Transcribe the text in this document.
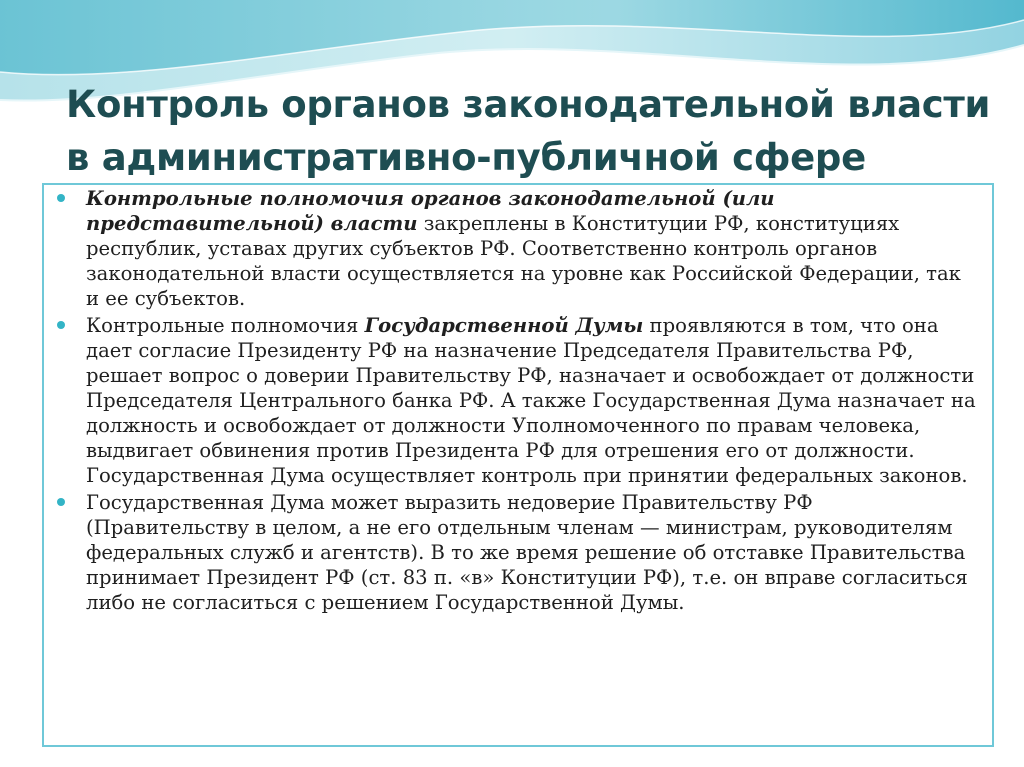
Контроль органов законодательной власти в административно-публичной сфере
Контрольные полномочия органов законодательной (или представительной) власти закреплены в Конституции РФ, конституциях республик, уставах других субъектов РФ. Соответственно контроль органов законодательной власти осуществляется на уровне как Российской Федерации, так и ее субъектов.
Контрольные полномочия Государственной Думы проявляются в том, что она дает согласие Президенту РФ на назначение Председателя Правительства РФ, решает вопрос о доверии Правительству РФ, назначает и освобождает от должности Председателя Центрального банка РФ. А также Государственная Дума назначает на должность и освобождает от должности Уполномоченного по правам человека, выдвигает обвинения против Президента РФ для отрешения его от должности. Государственная Дума осуществляет контроль при принятии федеральных законов.
Государственная Дума может выразить недоверие Правительству РФ (Правительству в целом, а не его отдельным членам — министрам, руководителям федеральных служб и агентств). В то же время решение об отставке Правительства принимает Президент РФ (ст. 83 п. «в» Конституции РФ), т.е. он вправе согласиться либо не согласиться с решением Государственной Думы.
